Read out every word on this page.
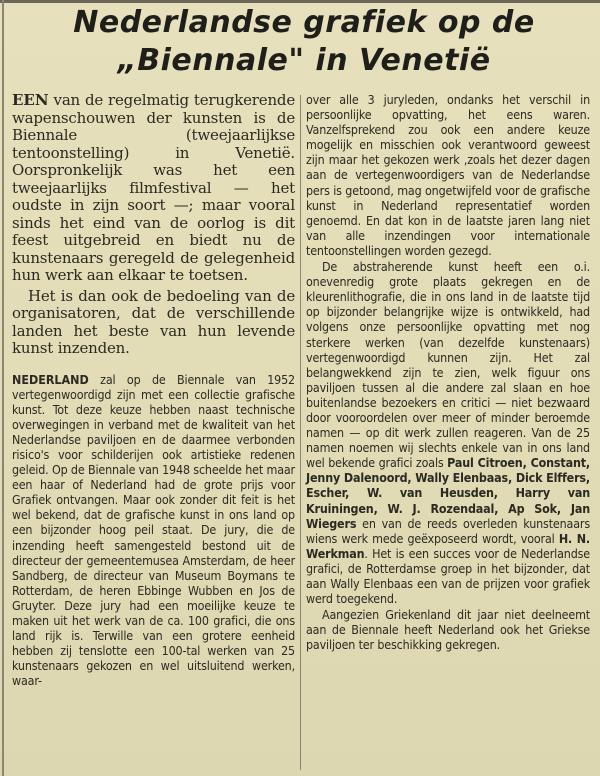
Nederlandse grafiek op de „Biennale" in Venetië

EEN van de regelmatig terugkerende wapenschouwen der kunsten is de Biennale (tweejaarlijkse tentoonstelling) in Venetië. Oorspronkelijk was het een tweejaarlijks filmfestival — het oudste in zijn soort —; maar vooral sinds het eind van de oorlog is dit feest uitgebreid en biedt nu de kunstenaars geregeld de gelegenheid hun werk aan elkaar te toetsen.

Het is dan ook de bedoeling van de organisatoren, dat de verschillende landen het beste van hun levende kunst inzenden.

NEDERLAND zal op de Biennale van 1952 vertegenwoordigd zijn met een collectie grafische kunst. Tot deze keuze hebben naast technische overwegingen in verband met de kwaliteit van het Nederlandse paviljoen en de daarmee verbonden risico's voor schilderijen ook artistieke redenen geleid. Op de Biennale van 1948 scheelde het maar een haar of Nederland had de grote prijs voor Grafiek ontvangen. Maar ook zonder dit feit is het wel bekend, dat de grafische kunst in ons land op een bijzonder hoog peil staat. De jury, die de inzending heeft samengesteld bestond uit de directeur der gemeentemusea Amsterdam, de heer Sandberg, de directeur van Museum Boymans te Rotterdam, de heren Ebbinge Wubben en Jos de Gruyter. Deze jury had een moeilijke keuze te maken uit het werk van de ca. 100 grafici, die ons land rijk is. Terwille van een grotere eenheid hebben zij tenslotte een 100-tal werken van 25 kunstenaars gekozen en wel uitsluitend werken, waar-

over alle 3 juryleden, ondanks het verschil in persoonlijke opvatting, het eens waren. Vanzelfsprekend zou ook een andere keuze mogelijk en misschien ook verantwoord geweest zijn maar het gekozen werk ,zoals het dezer dagen aan de vertegenwoordigers van de Nederlandse pers is getoond, mag ongetwijfeld voor de grafische kunst in Nederland representatief worden genoemd. En dat kon in de laatste jaren lang niet van alle inzendingen voor internationale tentoonstellingen worden gezegd.

De abstraherende kunst heeft een o.i. onevenredig grote plaats gekregen en de kleurenlithografie, die in ons land in de laatste tijd op bijzonder belangrijke wijze is ontwikkeld, had volgens onze persoonlijke opvatting met nog sterkere werken (van dezelfde kunstenaars) vertegenwoordigd kunnen zijn. Het zal belangwekkend zijn te zien, welk figuur ons paviljoen tussen al die andere zal slaan en hoe buitenlandse bezoekers en critici — niet bezwaard door vooroordelen over meer of minder beroemde namen — op dit werk zullen reageren. Van de 25 namen noemen wij slechts enkele van in ons land wel bekende grafici zoals Paul Citroen, Constant, Jenny Dalenoord, Wally Elenbaas, Dick Elffers, Escher, W. van Heusden, Harry van Kruiningen, W. J. Rozendaal, Ap Sok, Jan Wiegers en van de reeds overleden kunstenaars wiens werk mede geëxposeerd wordt, vooral H. N. Werkman. Het is een succes voor de Nederlandse grafici, de Rotterdamse groep in het bijzonder, dat aan Wally Elenbaas een van de prijzen voor grafiek werd toegekend.

Aangezien Griekenland dit jaar niet deelneemt aan de Biennale heeft Nederland ook het Griekse paviljoen ter beschikking gekregen.
